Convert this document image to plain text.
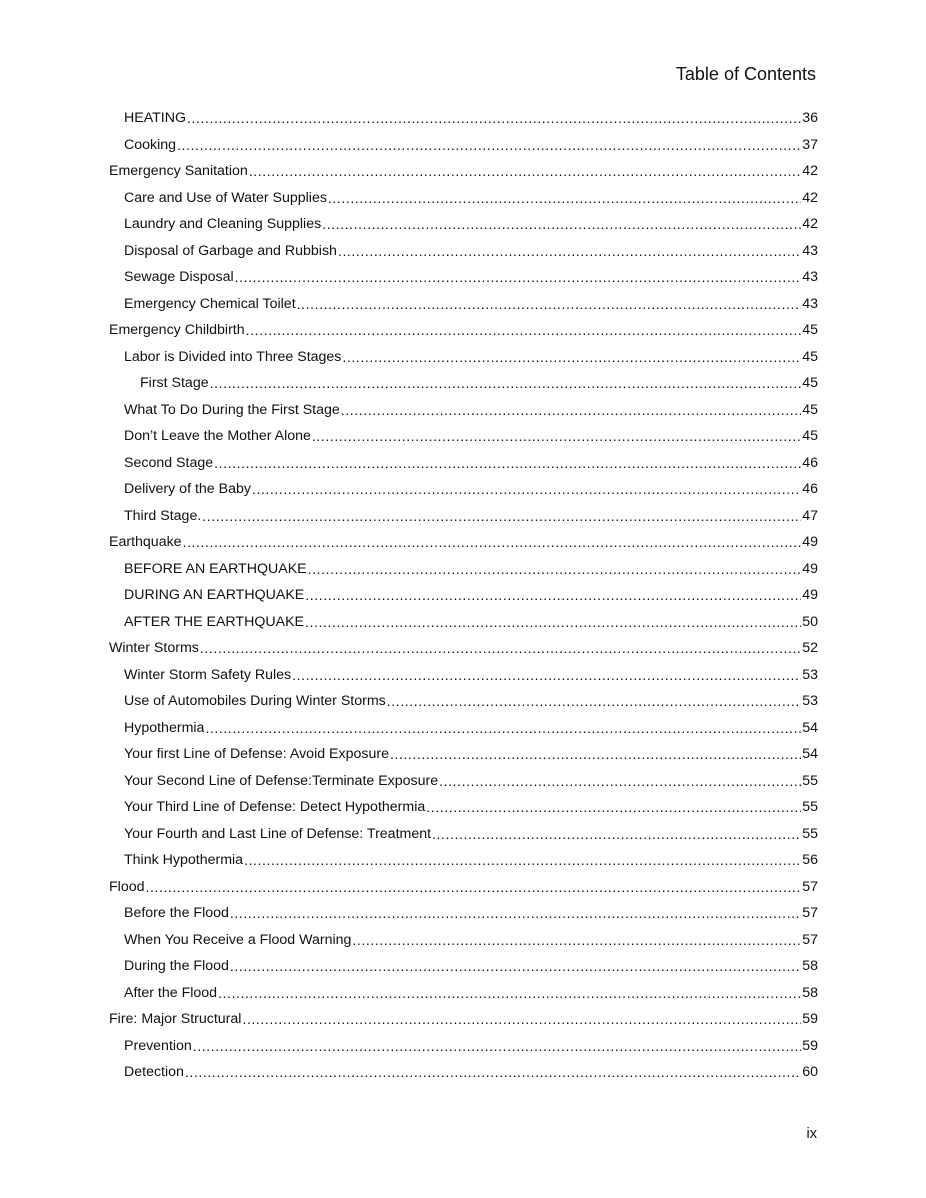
Table of Contents
HEATING .....	36
Cooking .....	37
Emergency Sanitation .....	42
Care and Use of Water Supplies .....	42
Laundry and Cleaning Supplies .....	42
Disposal of Garbage and Rubbish .....	43
Sewage Disposal .....	43
Emergency Chemical Toilet .....	43
Emergency Childbirth .....	45
Labor is Divided into Three Stages .....	45
First Stage .....	45
What To Do During the First Stage .....	45
Don’t Leave the Mother Alone .....	45
Second Stage .....	46
Delivery of the Baby .....	46
Third Stage. .....	47
Earthquake .....	49
BEFORE AN EARTHQUAKE .....	49
DURING AN EARTHQUAKE .....	49
AFTER THE EARTHQUAKE .....	50
Winter Storms .....	52
Winter Storm Safety Rules .....	53
Use of Automobiles During Winter Storms .....	53
Hypothermia .....	54
Your first Line of Defense: Avoid Exposure .....	54
Your Second Line of Defense:Terminate Exposure .....	55
Your Third Line of Defense: Detect Hypothermia .....	55
Your Fourth and Last Line of Defense: Treatment .....	55
Think Hypothermia .....	56
Flood .....	57
Before the Flood .....	57
When You Receive a Flood Warning .....	57
During the Flood .....	58
After the Flood .....	58
Fire: Major Structural .....	59
Prevention .....	59
Detection .....	60
ix
